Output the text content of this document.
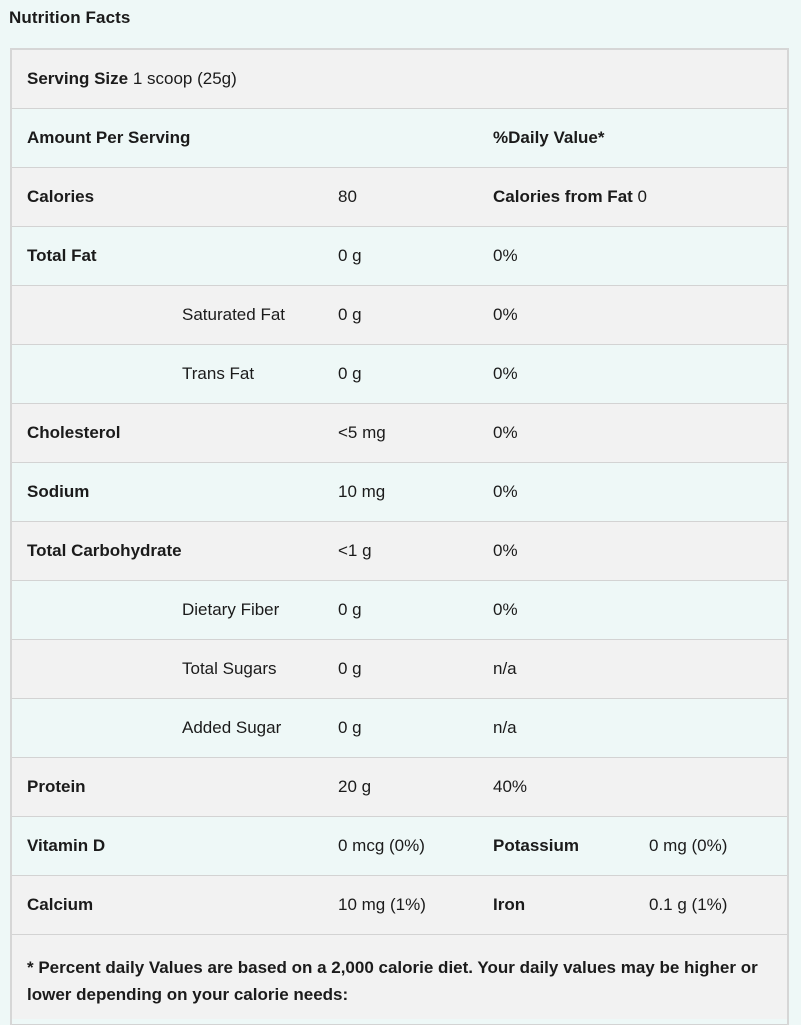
Nutrition Facts
Serving Size 1 scoop (25g)
Amount Per Serving	%Daily Value*
Calories	80	Calories from Fat 0
Total Fat	0 g	0%
Saturated Fat	0 g	0%
Trans Fat	0 g	0%
Cholesterol	<5 mg	0%
Sodium	10 mg	0%
Total Carbohydrate	<1 g	0%
Dietary Fiber	0 g	0%
Total Sugars	0 g	n/a
Added Sugar	0 g	n/a
Protein	20 g	40%
Vitamin D	0 mcg (0%)	Potassium	0 mg (0%)
Calcium	10 mg (1%)	Iron	0.1 g (1%)
* Percent daily Values are based on a 2,000 calorie diet. Your daily values may be higher or lower depending on your calorie needs:
